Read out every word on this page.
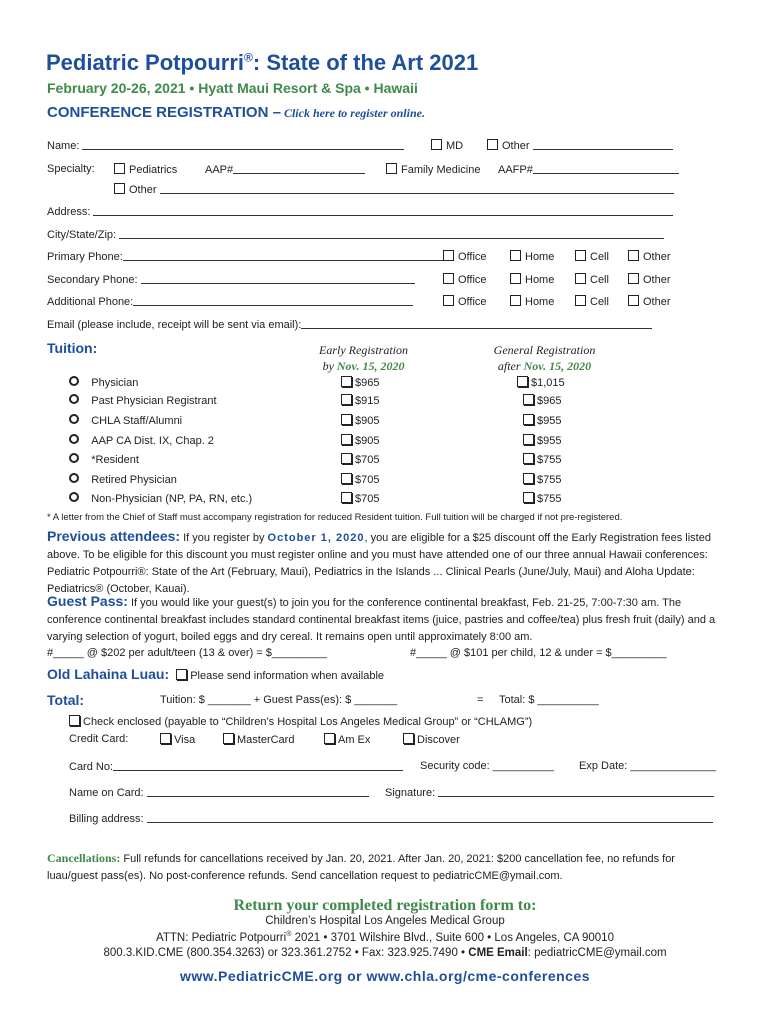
Pediatric Potpourri®: State of the Art 2021
February 20-26, 2021 • Hyatt Maui Resort & Spa • Hawaii
CONFERENCE REGISTRATION – Click here to register online.
Name:	MD	Other
Specialty:	Pediatrics	AAP#	Family Medicine AAFP#
Other
Address:
City/State/Zip:
Primary Phone:
Secondary Phone:
Additional Phone:
Office	Home	Cell	Other
Office	Home	Cell	Other
Office	Home	Cell	Other
Email (please include, receipt will be sent via email):
Tuition:	Early Registration
by Nov. 15, 2020
General Registration
after Nov. 15, 2020
Physician	$965	$1,015
Past Physician Registrant	$915	$965
CHLA Staff/Alumni	$905	$955
AAP CA Dist. IX, Chap. 2	$905	$955
*Resident	$705	$755
Retired Physician	$705	$755
Non-Physician (NP, PA, RN, etc.)	$705	$755
* A letter from the Chief of Staff must accompany registration for reduced Resident tuition. Full tuition will be charged if not pre-registered.
Previous attendees: If you register by October 1, 2020, you are eligible for a $25 discount off the Early Registration fees listed above. To be eligible for this discount you must register online and you must have attended one of our three annual Hawaii conferences: Pediatric Potpourri®: State of the Art (February, Maui), Pediatrics in the Islands ... Clinical Pearls (June/July, Maui) and Aloha Update: Pediatrics® (October, Kauai).
Guest Pass: If you would like your guest(s) to join you for the conference continental breakfast, Feb. 21-25, 7:00-7:30 am. The conference continental breakfast includes standard continental breakfast items (juice, pastries and coffee/tea) plus fresh fruit (daily) and a varying selection of yogurt, boiled eggs and dry cereal. It remains open until approximately 8:00 am.
#_____ @ $202 per adult/teen (13 & over) = $_________	#_____ @ $101 per child, 12 & under = $_________
Old Lahaina Luau: Please send information when available
Total:	Tuition: $ _______ + Guest Pass(es): $ _______	= Total: $ __________
Check enclosed (payable to “Children’s Hospital Los Angeles Medical Group” or “CHLAMG”)
Credit Card:	Visa	MasterCard	Am Ex	Discover
Card No:	Security code: __________ Exp Date: ______________
Name on Card:	Signature:
Billing address:
Cancellations: Full refunds for cancellations received by Jan. 20, 2021. After Jan. 20, 2021: $200 cancellation fee, no refunds for luau/guest pass(es). No post-conference refunds. Send cancellation request to pediatricCME@ymail.com.
Return your completed registration form to:
Children’s Hospital Los Angeles Medical Group
ATTN: Pediatric Potpourri® 2021 • 3701 Wilshire Blvd., Suite 600 • Los Angeles, CA 90010
800.3.KID.CME (800.354.3263) or 323.361.2752 • Fax: 323.925.7490 • CME Email: pediatricCME@ymail.com
www.PediatricCME.org or www.chla.org/cme-conferences
